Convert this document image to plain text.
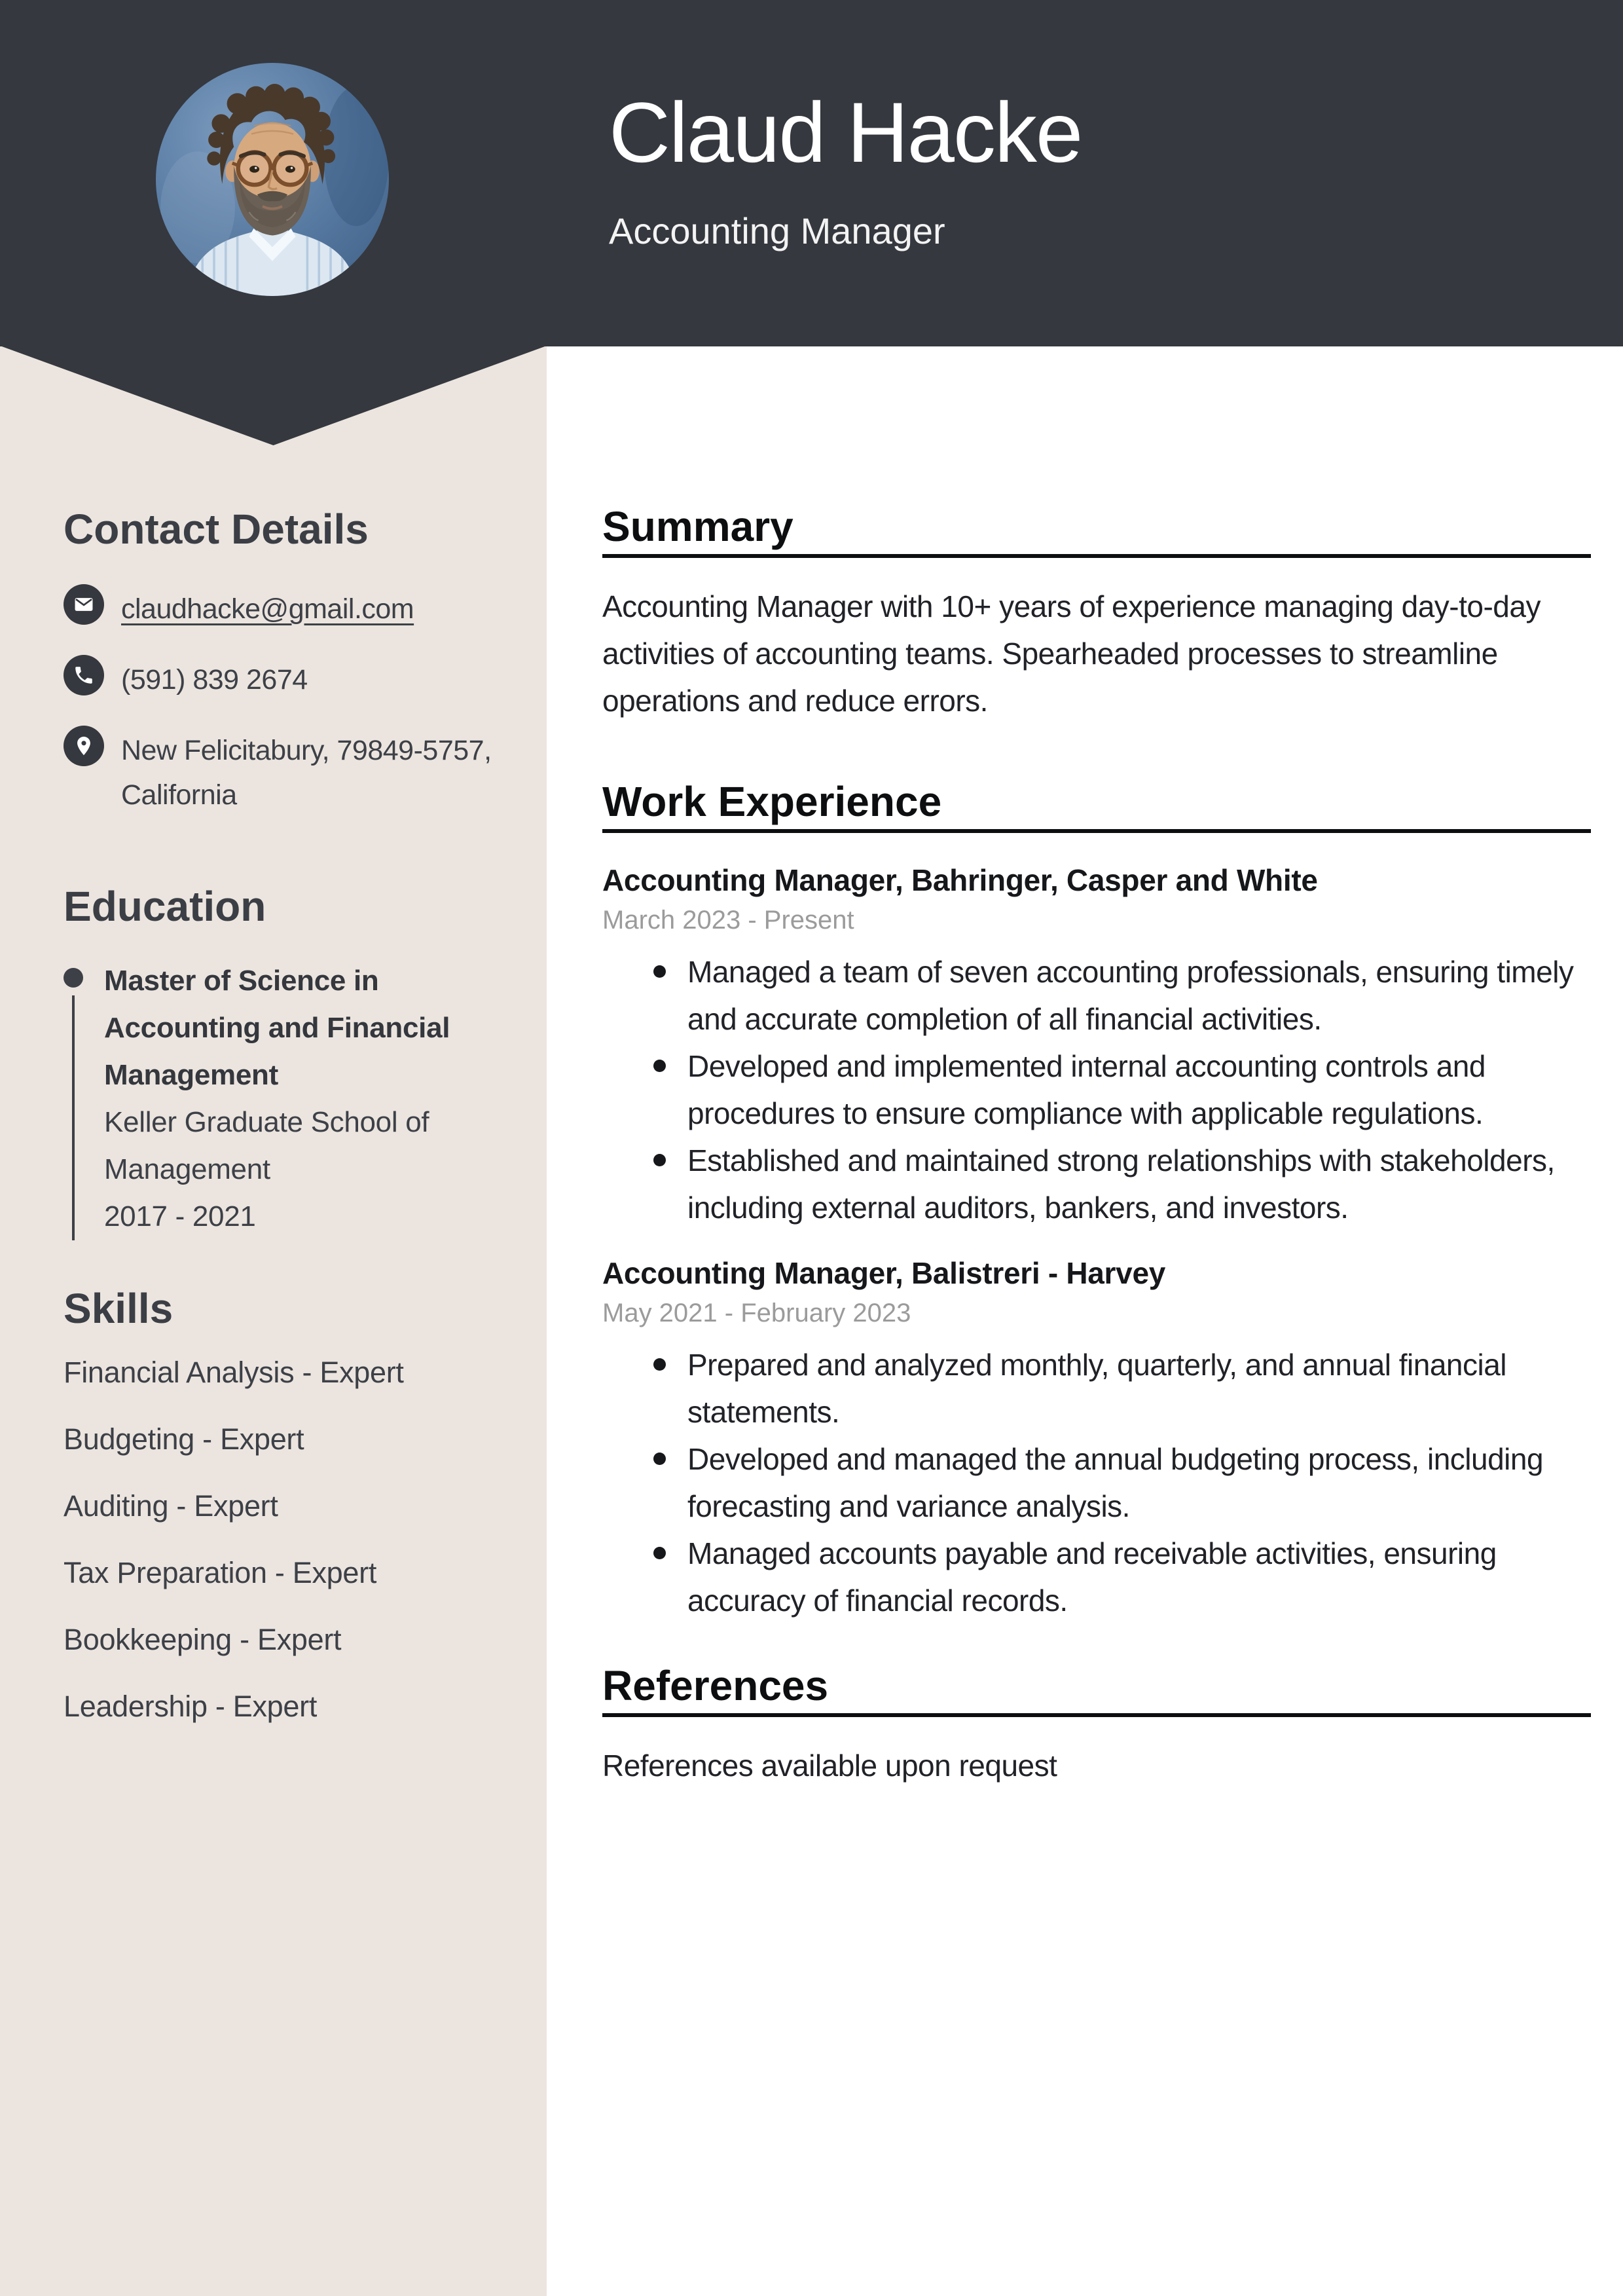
Claud Hacke

Accounting Manager

Contact Details
claudhacke@gmail.com
(591) 839 2674
New Felicitabury, 79849-5757, California
Education
Master of Science in Accounting and Financial Management
Keller Graduate School of Management
2017 - 2021
Skills
Financial Analysis - Expert
Budgeting - Expert
Auditing - Expert
Tax Preparation - Expert
Bookkeeping - Expert
Leadership - Expert
Summary

Accounting Manager with 10+ years of experience managing day-to-day activities of accounting teams. Spearheaded processes to streamline operations and reduce errors.

Work Experience
Accounting Manager, Bahringer, Casper and White
March 2023 - Present
Managed a team of seven accounting professionals, ensuring timely and accurate completion of all financial activities.
Developed and implemented internal accounting controls and procedures to ensure compliance with applicable regulations.
Established and maintained strong relationships with stakeholders, including external auditors, bankers, and investors.
Accounting Manager, Balistreri - Harvey
May 2021 - February 2023
Prepared and analyzed monthly, quarterly, and annual financial statements.
Developed and managed the annual budgeting process, including forecasting and variance analysis.
Managed accounts payable and receivable activities, ensuring accuracy of financial records.
References

References available upon request
